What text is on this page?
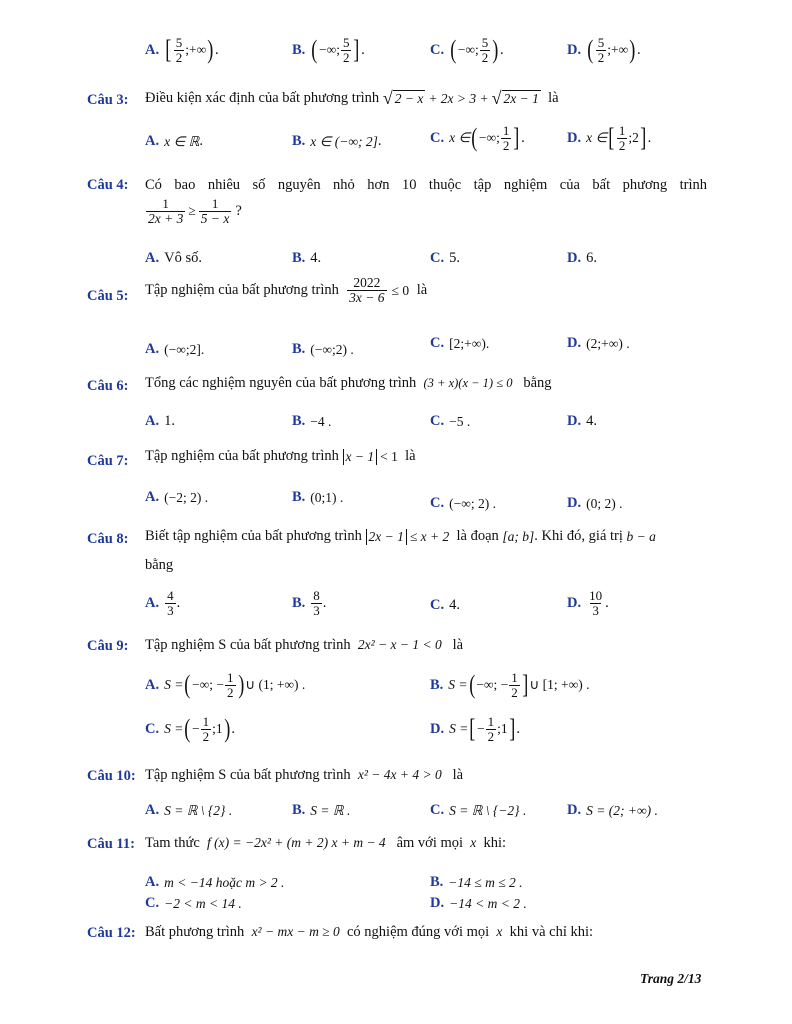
A. [ 5
2 ;+∞ ) .	B. ( −∞; 5
2 ] .	C. ( −∞; 5
2 ) .	D. ( 5
2 ;+∞ ) .
Câu 3: Điều kiện xác định của bất phương trình
√ 2 − x + 2x > 3 + √ 2x − 1
là
A. x ∈ ℝ .	B. x ∈ (−∞; 2] .	C. x ∈ ( −∞; 1
2 ] .	D. x ∈ [ 1
2 ;2 ] .
Câu 4: Có bao nhiêu số nguyên nhỏ hơn 10 thuộc tập nghiệm của bất phương trình
$\frac{1}{2x + 3} \ge \frac{1}{5 - x}$ ?
A. Vô số.	B. 4.	C. 5.	D. 6.
Câu 5: Tập nghiệm của bất phương trình
$\frac{2022}{3x - 6} \le 0$
là
A. (−∞;2].	B. (−∞;2) .	C. [2;+∞).	D. (2;+∞) .
Câu 6: Tổng các nghiệm nguyên của bất phương trình (3 + x)(x − 1) ≤ 0 bằng
A. 1.	B. −4 .	C. −5 .	D. 4.
Câu 7: Tập nghiệm của bất phương trình
x − 1 < 1
là
A. (−2; 2) .	B. (0;1) .	C. (−∞; 2) .	D. (0; 2) .
Câu 8: Biết tập nghiệm của bất phương trình
2x − 1 ≤ x + 2
là đoạn
[a; b] . Khi đó, giá trị
b − a
bằng
A. 4
3 .	B. 8
3 .	C. 4.	D. 10
3 .
Câu 9: Tập nghiệm S của bất phương trình 2x² − x − 1 < 0 là
A. S = ( −∞; − $\frac{1}{2}$ ) ∪ (1; +∞) .	B. S = ( −∞; − $\frac{1}{2}$ ] ∪ [1; +∞) .
C. S = ( − $\frac{1}{2}$ ;1 ) .	D. S = [ − $\frac{1}{2}$ ;1 ] .
Câu 10: Tập nghiệm S của bất phương trình x² − 4x + 4 > 0 là
A. S = ℝ \ {2} .	B. S = ℝ .	C. S = ℝ \ {−2} .	D. S = (2; +∞) .
Câu 11: Tam thức f (x) = −2x² + (m + 2) x + m − 4 âm với mọi x khi:
A. m < −14 hoặc m > 2 .	B. −14 ≤ m ≤ 2 .
C. −2 < m < 14 .	D. −14 < m < 2 .
Câu 12: Bất phương trình x² − mx − m ≥ 0 có nghiệm đúng với mọi x khi và chỉ khi:
Trang 2/13
